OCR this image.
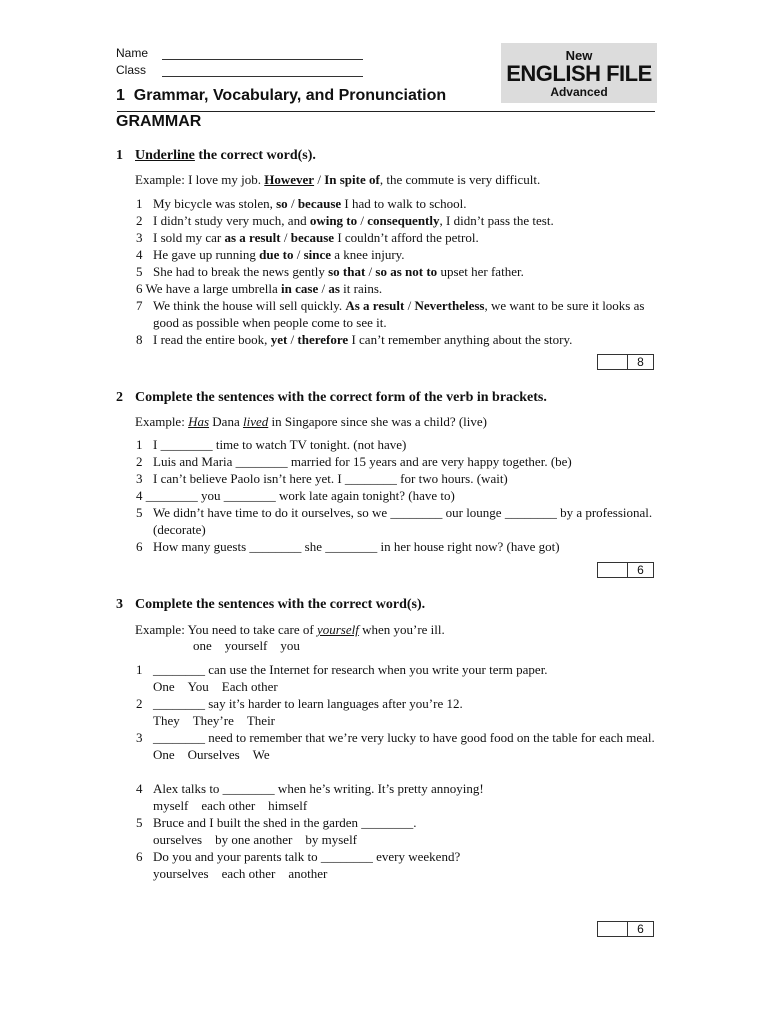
Name
Class
New
ENGLISH FILE
Advanced
1  Grammar, Vocabulary, and Pronunciation
GRAMMAR
1 Underline the correct word(s).
Example: I love my job. However / In spite of, the commute is very difficult.
1 My bicycle was stolen, so / because I had to walk to school.
2 I didn’t study very much, and owing to / consequently, I didn’t pass the test.
3 I sold my car as a result / because I couldn’t afford the petrol.
4 He gave up running due to / since a knee injury.
5 She had to break the news gently so that / so as not to upset her father.
6 We have a large umbrella in case / as it rains.
7 We think the house will sell quickly. As a result / Nevertheless, we want to be sure it looks as good as possible when people come to see it.
8 I read the entire book, yet / therefore I can’t remember anything about the story.
8
2 Complete the sentences with the correct form of the verb in brackets.
Example: Has Dana lived in Singapore since she was a child? (live)
1 I ________ time to watch TV tonight. (not have)
2 Luis and Maria ________ married for 15 years and are very happy together. (be)
3 I can’t believe Paolo isn’t here yet. I ________ for two hours. (wait)
4 ________ you ________ work late again tonight? (have to)
5 We didn’t have time to do it ourselves, so we ________ our lounge ________ by a professional. (decorate)
6 How many guests ________ she ________ in her house right now? (have got)
6
3 Complete the sentences with the correct word(s).
Example: You need to take care of yourself when you’re ill.
one yourself you
1 ________ can use the Internet for research when you write your term paper.
One You Each other
2 ________ say it’s harder to learn languages after you’re 12.
They They’re Their
3 ________ need to remember that we’re very lucky to have good food on the table for each meal.
One Ourselves We
4 Alex talks to ________ when he’s writing. It’s pretty annoying!
myself each other himself
5 Bruce and I built the shed in the garden ________.
ourselves by one another by myself
6 Do you and your parents talk to ________ every weekend?
yourselves each other another
6
